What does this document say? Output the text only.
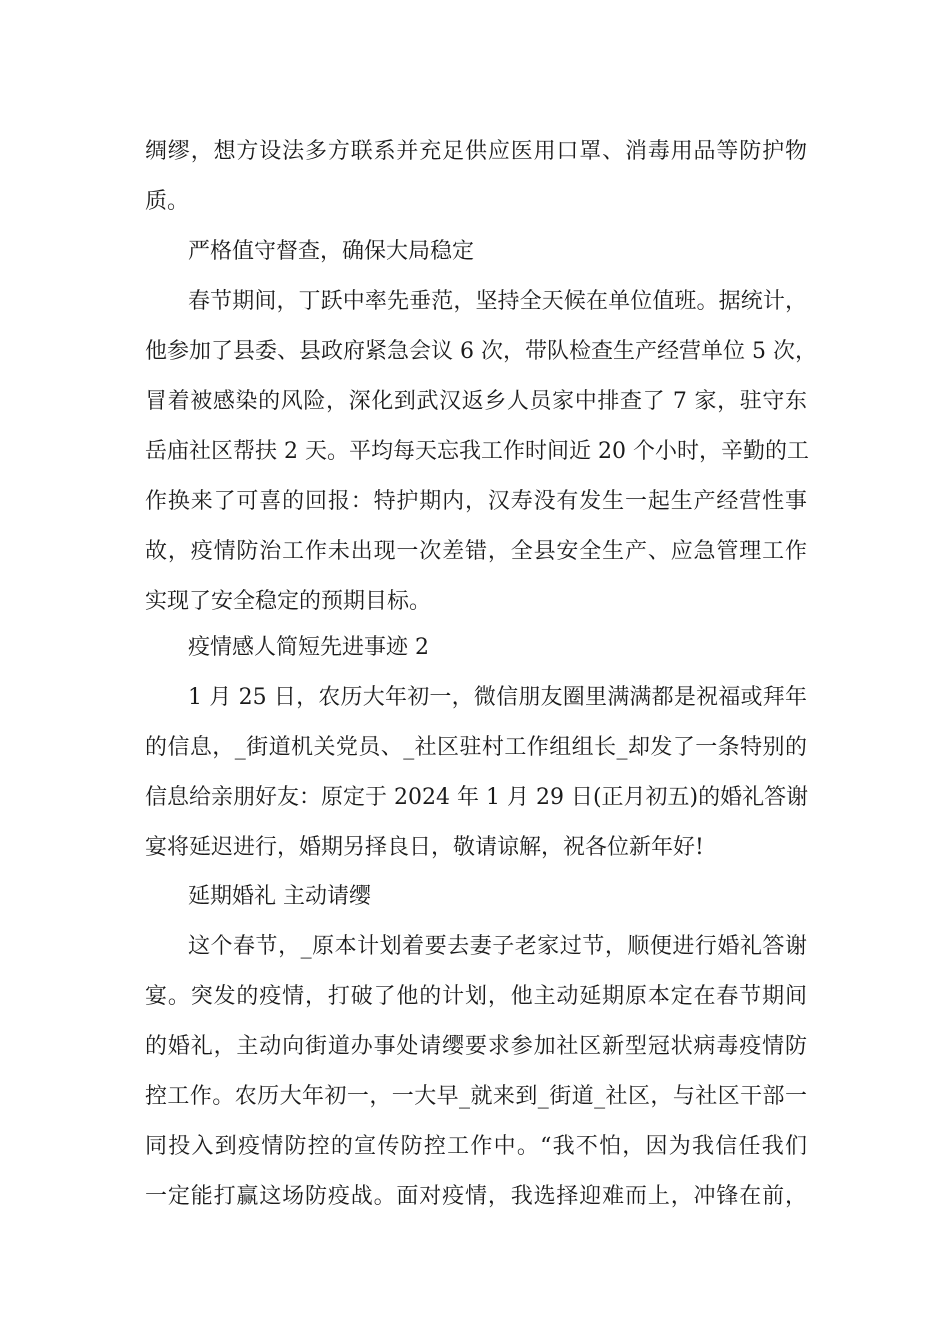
绸缪，想方设法多方联系并充足供应医用口罩、消毒用品等防护物
质。
严格值守督查，确保大局稳定
春节期间，丁跃中率先垂范，坚持全天候在单位值班。据统计，
他参加了县委、县政府紧急会议 6 次，带队检查生产经营单位 5 次，
冒着被感染的风险，深化到武汉返乡人员家中排查了 7 家，驻守东
岳庙社区帮扶 2 天。平均每天忘我工作时间近 20 个小时，辛勤的工
作换来了可喜的回报：特护期内，汉寿没有发生一起生产经营性事
故，疫情防治工作未出现一次差错，全县安全生产、应急管理工作
实现了安全稳定的预期目标。
疫情感人简短先进事迹 2
1 月 25 日，农历大年初一，微信朋友圈里满满都是祝福或拜年
的信息，_街道机关党员、_社区驻村工作组组长_却发了一条特别的
信息给亲朋好友：原定于 2024 年 1 月 29 日(正月初五)的婚礼答谢
宴将延迟进行，婚期另择良日，敬请谅解，祝各位新年好!
延期婚礼 主动请缨
这个春节，_原本计划着要去妻子老家过节，顺便进行婚礼答谢
宴。突发的疫情，打破了他的计划，他主动延期原本定在春节期间
的婚礼，主动向街道办事处请缨要求参加社区新型冠状病毒疫情防
控工作。农历大年初一，一大早_就来到_街道_社区，与社区干部一
同投入到疫情防控的宣传防控工作中。“我不怕，因为我信任我们
一定能打赢这场防疫战。面对疫情，我选择迎难而上，冲锋在前，
